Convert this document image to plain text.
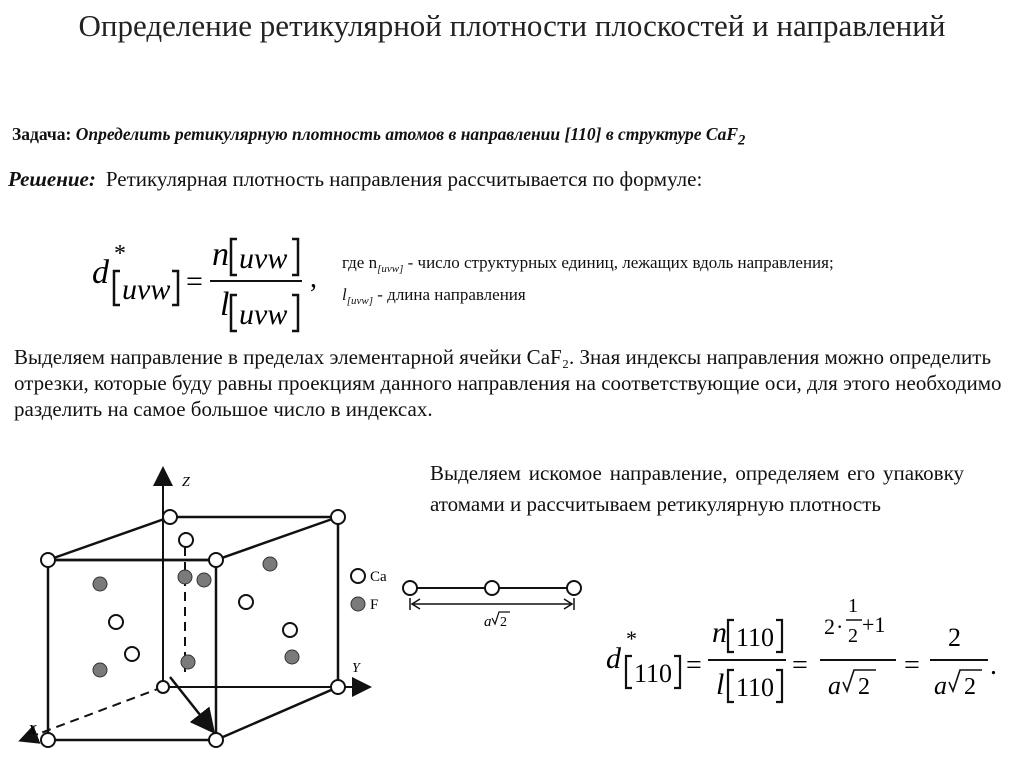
Определение ретикулярной плотности плоскостей и направлений
Задача: Определить ретикулярную плотность атомов в направлении [110] в структуре CaF$_2$
Решение: Ретикулярная плотность направления рассчитывается по формуле:
d *
uvw =
n uvw
l uvw
,
где $n_{[uvw]}$ - число структурных единиц, лежащих вдоль направления;
$l_{[uvw]}$ - длина направления
Выделяем направление в пределах элементарной ячейки CaF₂. Зная индексы направления можно определить отрезки, которые буду равны проекциям данного направления на соответствующие оси, для этого необходимо разделить на самое большое число в индексах.
Выделяем искомое направление, определяем его упаковку атомами и рассчитываем ретикулярную плотность
Z
Y
X
Ca
F
a 2
d
*
110 =
n 110
l 110
=
2 ·
1
2 +1
a 2
=
2
a 2
.
